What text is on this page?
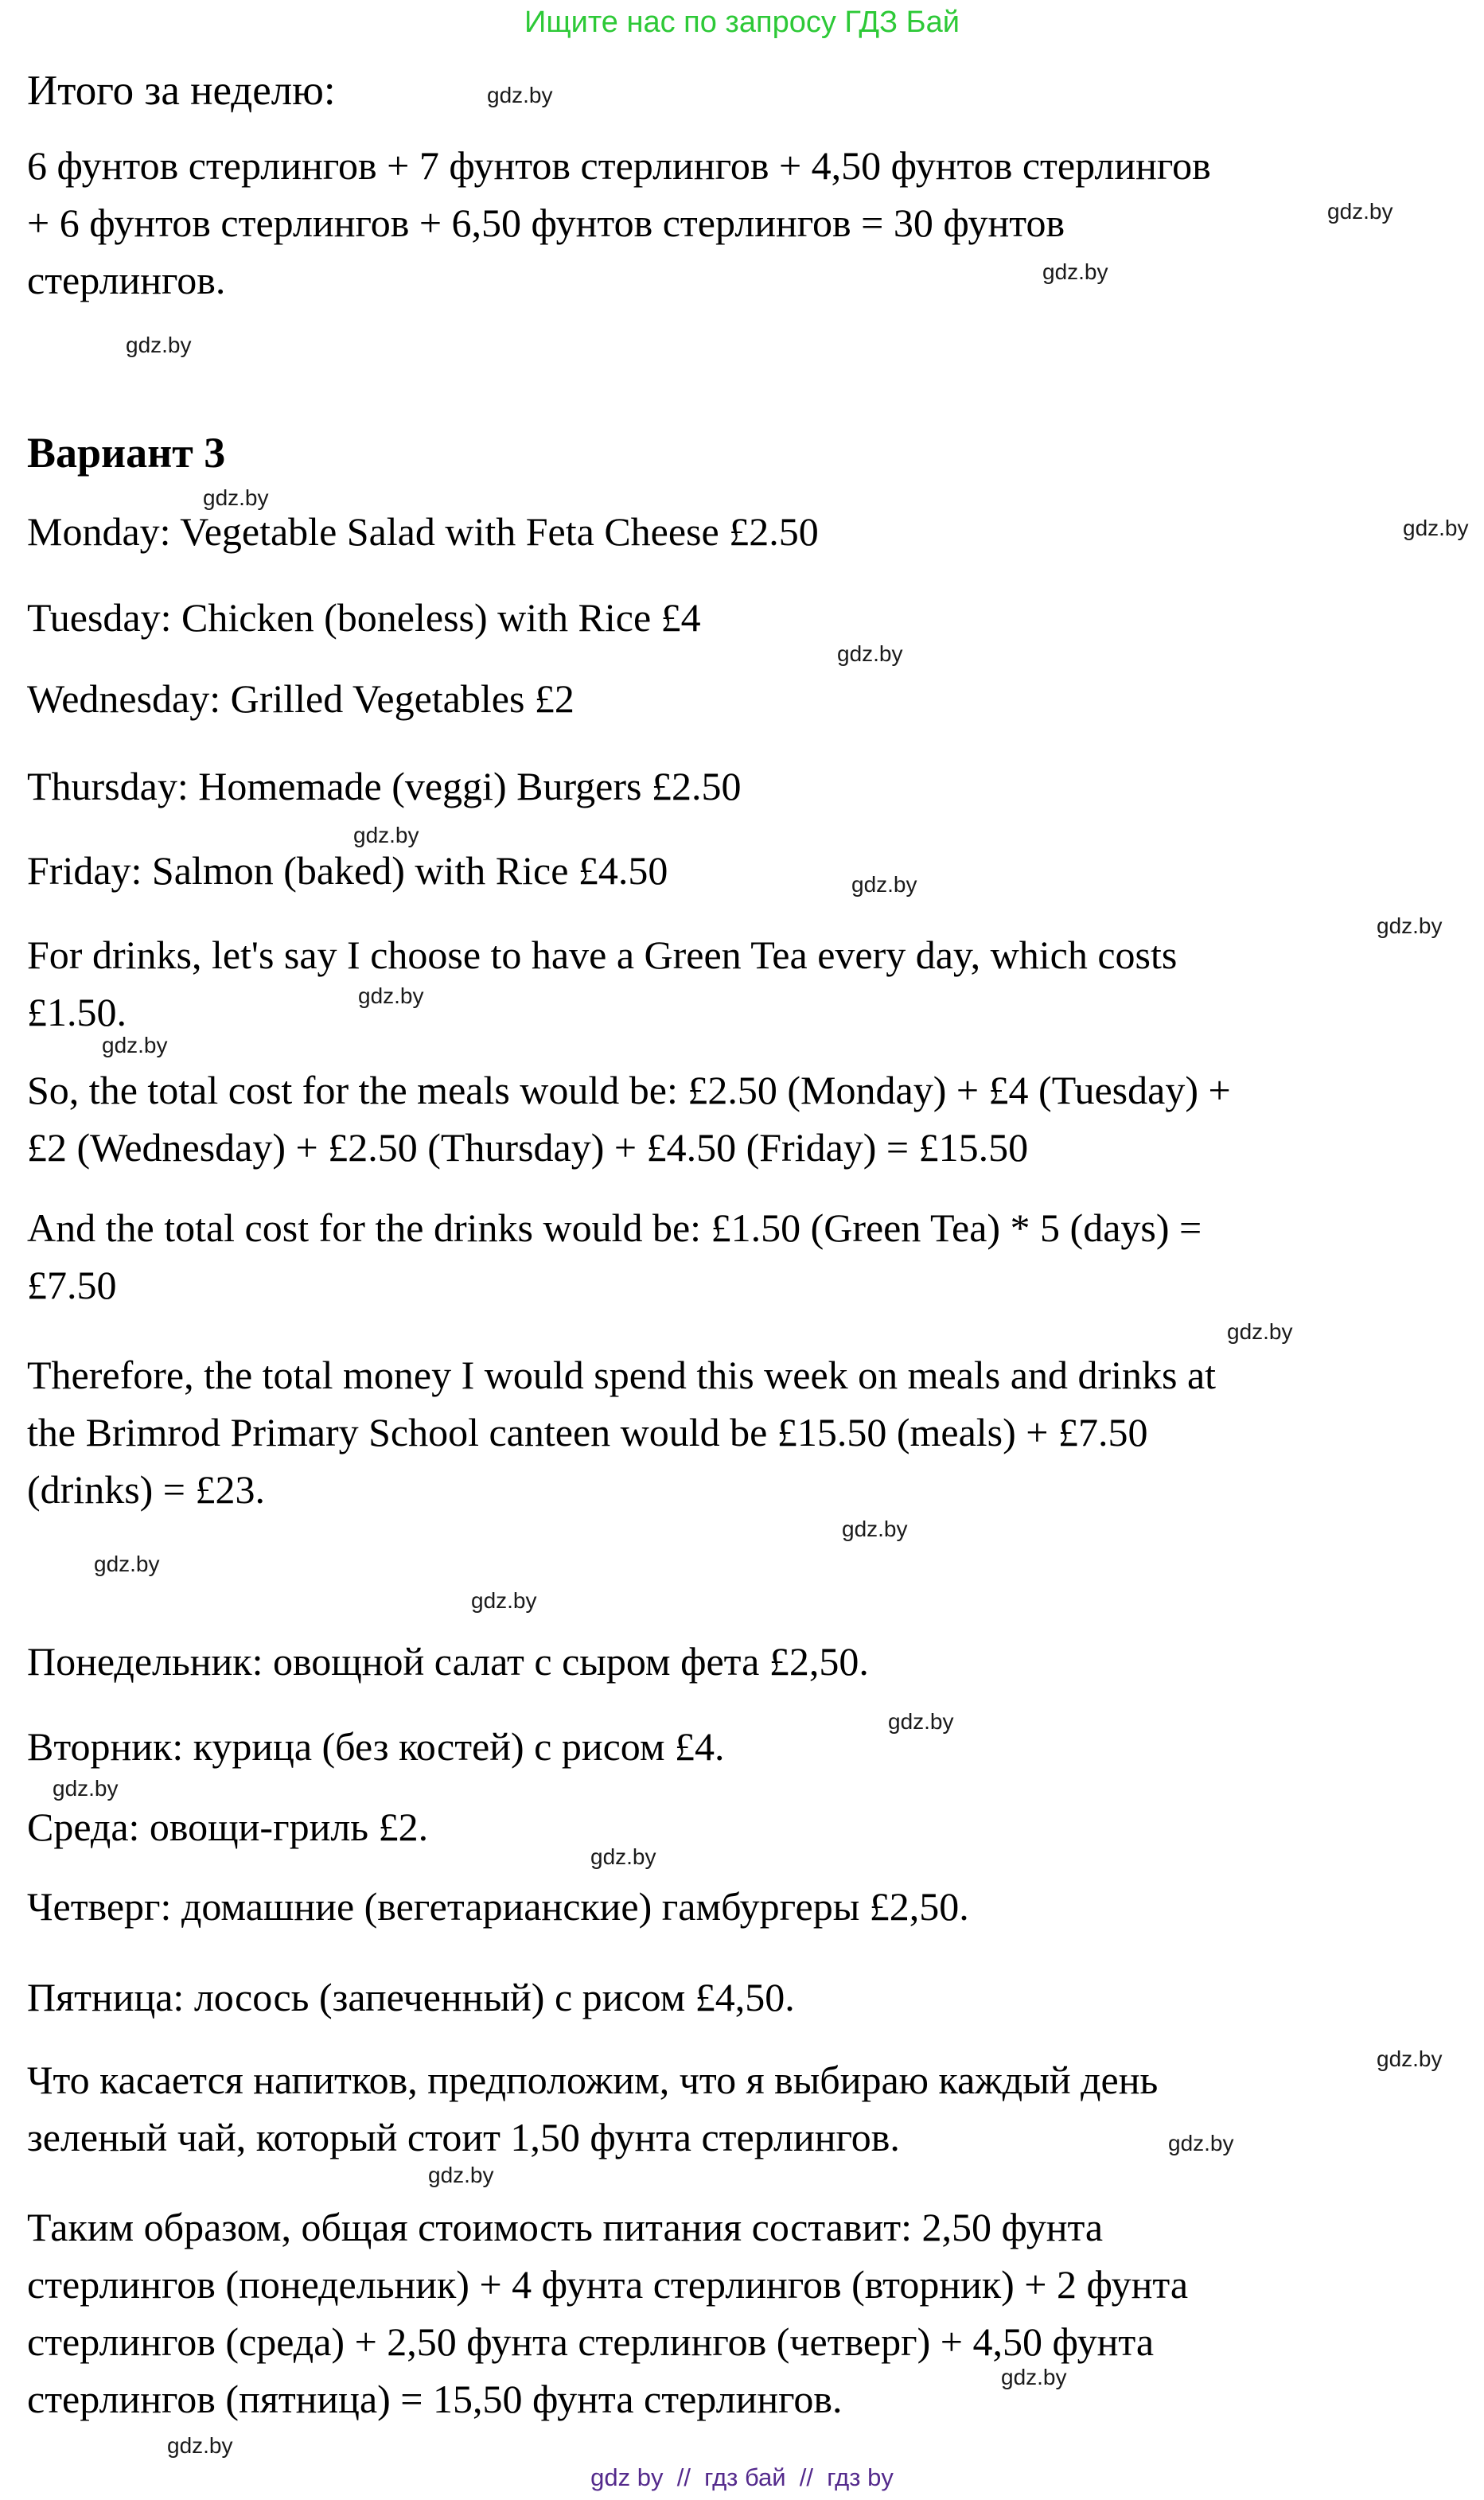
Ищите нас по запросу ГДЗ Бай
Итого за неделю:

6 фунтов стерлингов + 7 фунтов стерлингов + 4,50 фунтов стерлингов
+ 6 фунтов стерлингов + 6,50 фунтов стерлингов = 30 фунтов
стерлингов.

Вариант 3

Monday: Vegetable Salad with Feta Cheese £2.50

Tuesday: Chicken (boneless) with Rice £4

Wednesday: Grilled Vegetables £2

Thursday: Homemade (veggi) Burgers £2.50

Friday: Salmon (baked) with Rice £4.50

For drinks, let's say I choose to have a Green Tea every day, which costs
£1.50.

So, the total cost for the meals would be: £2.50 (Monday) + £4 (Tuesday) +
£2 (Wednesday) + £2.50 (Thursday) + £4.50 (Friday) = £15.50

And the total cost for the drinks would be: £1.50 (Green Tea) * 5 (days) =
£7.50

Therefore, the total money I would spend this week on meals and drinks at
the Brimrod Primary School canteen would be £15.50 (meals) + £7.50
(drinks) = £23.

Понедельник: овощной салат с сыром фета £2,50.

Вторник: курица (без костей) с рисом £4.

Среда: овощи-гриль £2.

Четверг: домашние (вегетарианские) гамбургеры £2,50.

Пятница: лосось (запеченный) с рисом £4,50.

Что касается напитков, предположим, что я выбираю каждый день
зеленый чай, который стоит 1,50 фунта стерлингов.

Таким образом, общая стоимость питания составит: 2,50 фунта
стерлингов (понедельник) + 4 фунта стерлингов (вторник) + 2 фунта
стерлингов (среда) + 2,50 фунта стерлингов (четверг) + 4,50 фунта
стерлингов (пятница) = 15,50 фунта стерлингов.

gdz.by
gdz.by
gdz.by
gdz.by
gdz.by
gdz.by
gdz.by
gdz.by
gdz.by
gdz.by
gdz.by
gdz.by
gdz.by
gdz.by
gdz.by
gdz.by
gdz.by
gdz.by
gdz.by
gdz.by
gdz.by
gdz.by
gdz.by
gdz.by
gdz by  //  гдз бай  //  гдз by
